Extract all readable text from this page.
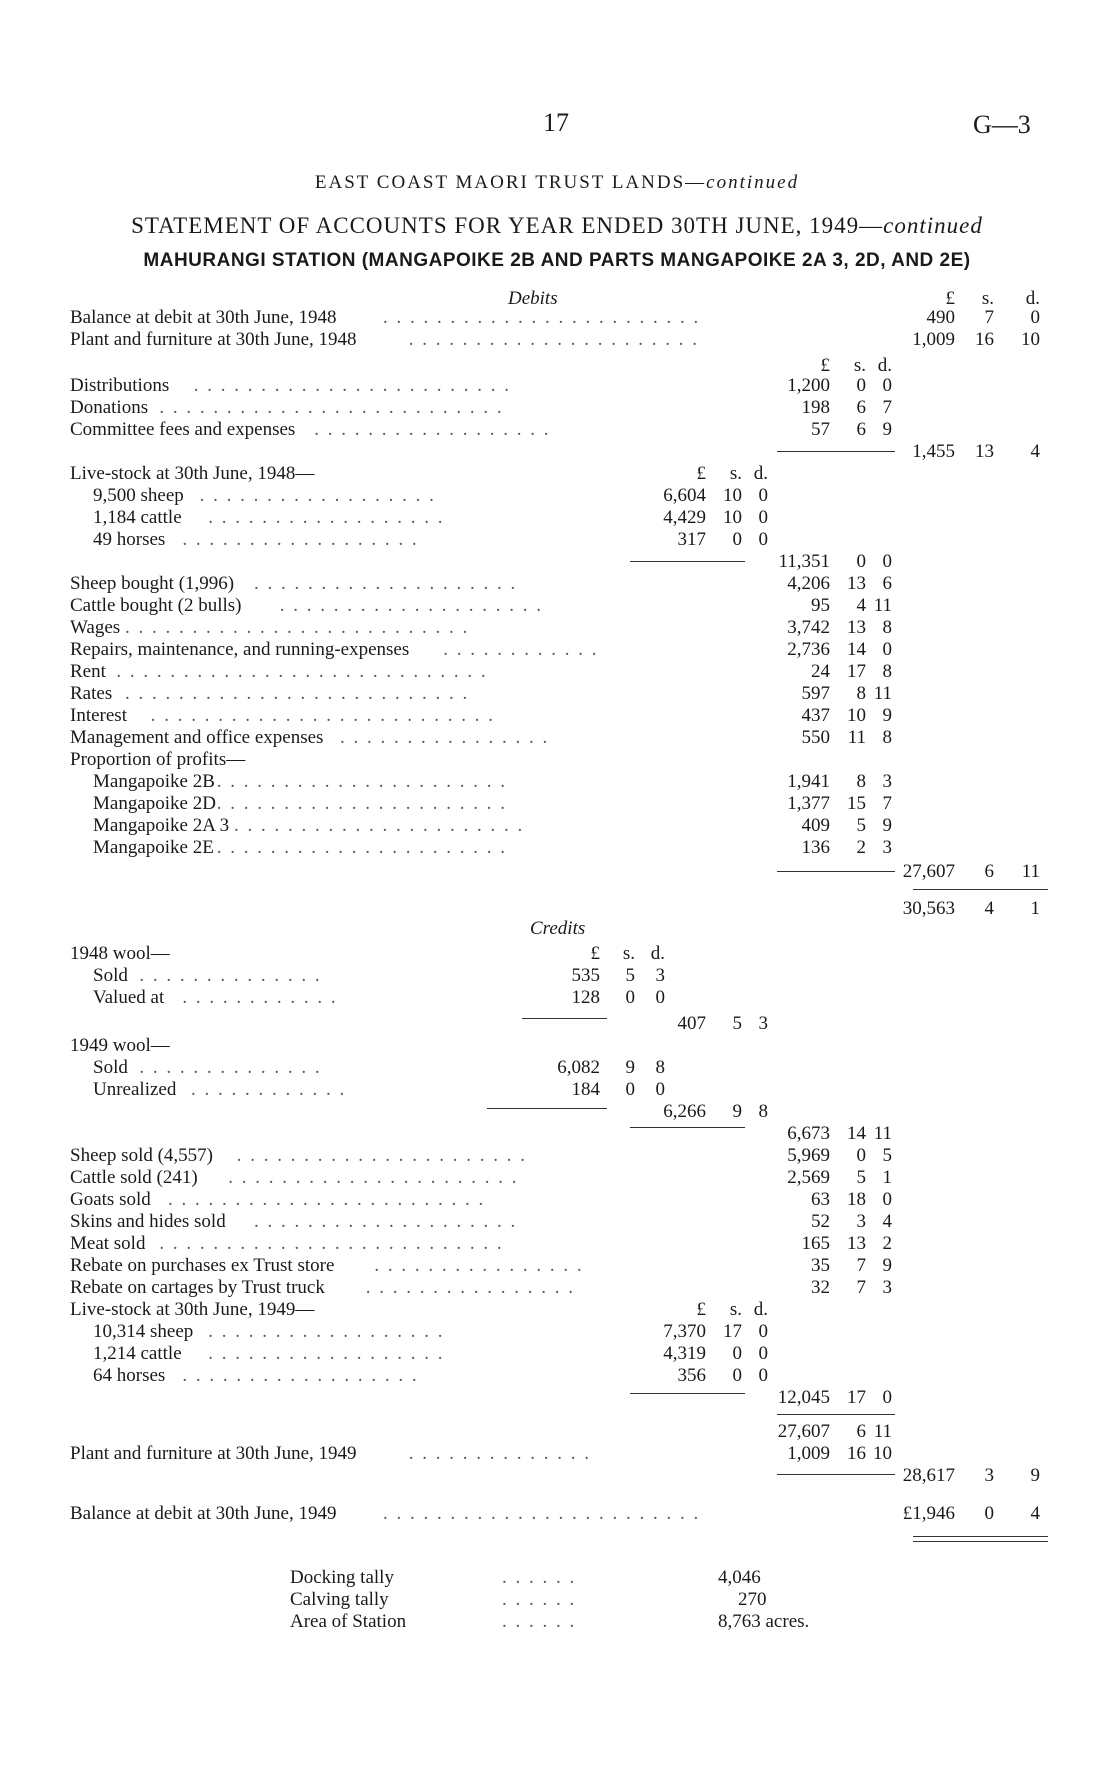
17	G—3
EAST COAST MAORI TRUST LANDS—continued
STATEMENT OF ACCOUNTS FOR YEAR ENDED 30TH JUNE, 1949—continued
MAHURANGI STATION (MANGAPOIKE 2B AND PARTS MANGAPOIKE 2A 3, 2D, AND 2E)
Debits	£ s. d.
Balance at debit at 30th June, 1948 . . . . . . . . . . . . . . . . . . . . . . . .	490 7 0
Plant and furniture at 30th June, 1948	. . . . . . . . . . . . . . . . . . . . . .	1,009 16 10
£ s. d.
Distributions . . . . . . . . . . . . . . . . . . . . . . . .	1,200 0 0
Donations . . . . . . . . . . . . . . . . . . . . . . . . . .	198 6 7
Committee fees and expenses . . . . . . . . . . . . . . . . . .	57 6 9
1,455 13 4
Live-stock at 30th June, 1948—	£ s. d.
9,500 sheep . . . . . . . . . . . . . . . . . .	6,604 10 0
1,184 cattle . . . . . . . . . . . . . . . . . .	4,429 10 0
49 horses . . . . . . . . . . . . . . . . . .	317 0 0
11,351 0 0
Sheep bought (1,996) . . . . . . . . . . . . . . . . . . . .	4,206 13 6
Cattle bought (2 bulls) . . . . . . . . . . . . . . . . . . . .	95 4 11
Wages . . . . . . . . . . . . . . . . . . . . . . . . . .	3,742 13 8
Repairs, maintenance, and running-expenses . . . . . . . . . . . .	2,736 14 0
Rent . . . . . . . . . . . . . . . . . . . . . . . . . . . .	24 17 8
Rates . . . . . . . . . . . . . . . . . . . . . . . . . .	597 8 11
Interest . . . . . . . . . . . . . . . . . . . . . . . . . .	437 10 9
Management and office expenses . . . . . . . . . . . . . . . .	550 11 8
Proportion of profits—
Mangapoike 2B . . . . . . . . . . . . . . . . . . . . . .	1,941 8 3
Mangapoike 2D . . . . . . . . . . . . . . . . . . . . . .	1,377 15 7
Mangapoike 2A 3 . . . . . . . . . . . . . . . . . . . . . .	409 5 9
Mangapoike 2E . . . . . . . . . . . . . . . . . . . . . .	136 2 3
27,607 6 11
30,563 4 1
Credits
£ s. d.
1948 wool—
Sold . . . . . . . . . . . . . .	535 5 3
Valued at . . . . . . . . . . . .	128 0 0
407 5 3
1949 wool—
Sold . . . . . . . . . . . . . .	6,082 9 8
Unrealized . . . . . . . . . . . .	184 0 0
6,266 9 8
6,673 14 11
Sheep sold (4,557) . . . . . . . . . . . . . . . . . . . . . .	5,969 0 5
Cattle sold (241) . . . . . . . . . . . . . . . . . . . . . .	2,569 5 1
Goats sold . . . . . . . . . . . . . . . . . . . . . . . .	63 18 0
Skins and hides sold . . . . . . . . . . . . . . . . . . . .	52 3 4
Meat sold . . . . . . . . . . . . . . . . . . . . . . . . . .	165 13 2
Rebate on purchases ex Trust store . . . . . . . . . . . . . . . .	35 7 9
Rebate on cartages by Trust truck . . . . . . . . . . . . . . . .	32 7 3
Live-stock at 30th June, 1949—	£ s. d.
10,314 sheep . . . . . . . . . . . . . . . . . .	7,370 17 0
1,214 cattle . . . . . . . . . . . . . . . . . .	4,319 0 0
64 horses . . . . . . . . . . . . . . . . . .	356 0 0
12,045 17 0
27,607 6 11
Plant and furniture at 30th June, 1949	. . . . . . . . . . . . . .	1,009 16 10
28,617 3 9
Balance at debit at 30th June, 1949 . . . . . . . . . . . . . . . . . . . . . . . .	£1,946 0 4
Docking tally	. . . . . .	4,046
Calving tally	. . . . . .	270
Area of Station	. . . . . .	8,763 acres.
